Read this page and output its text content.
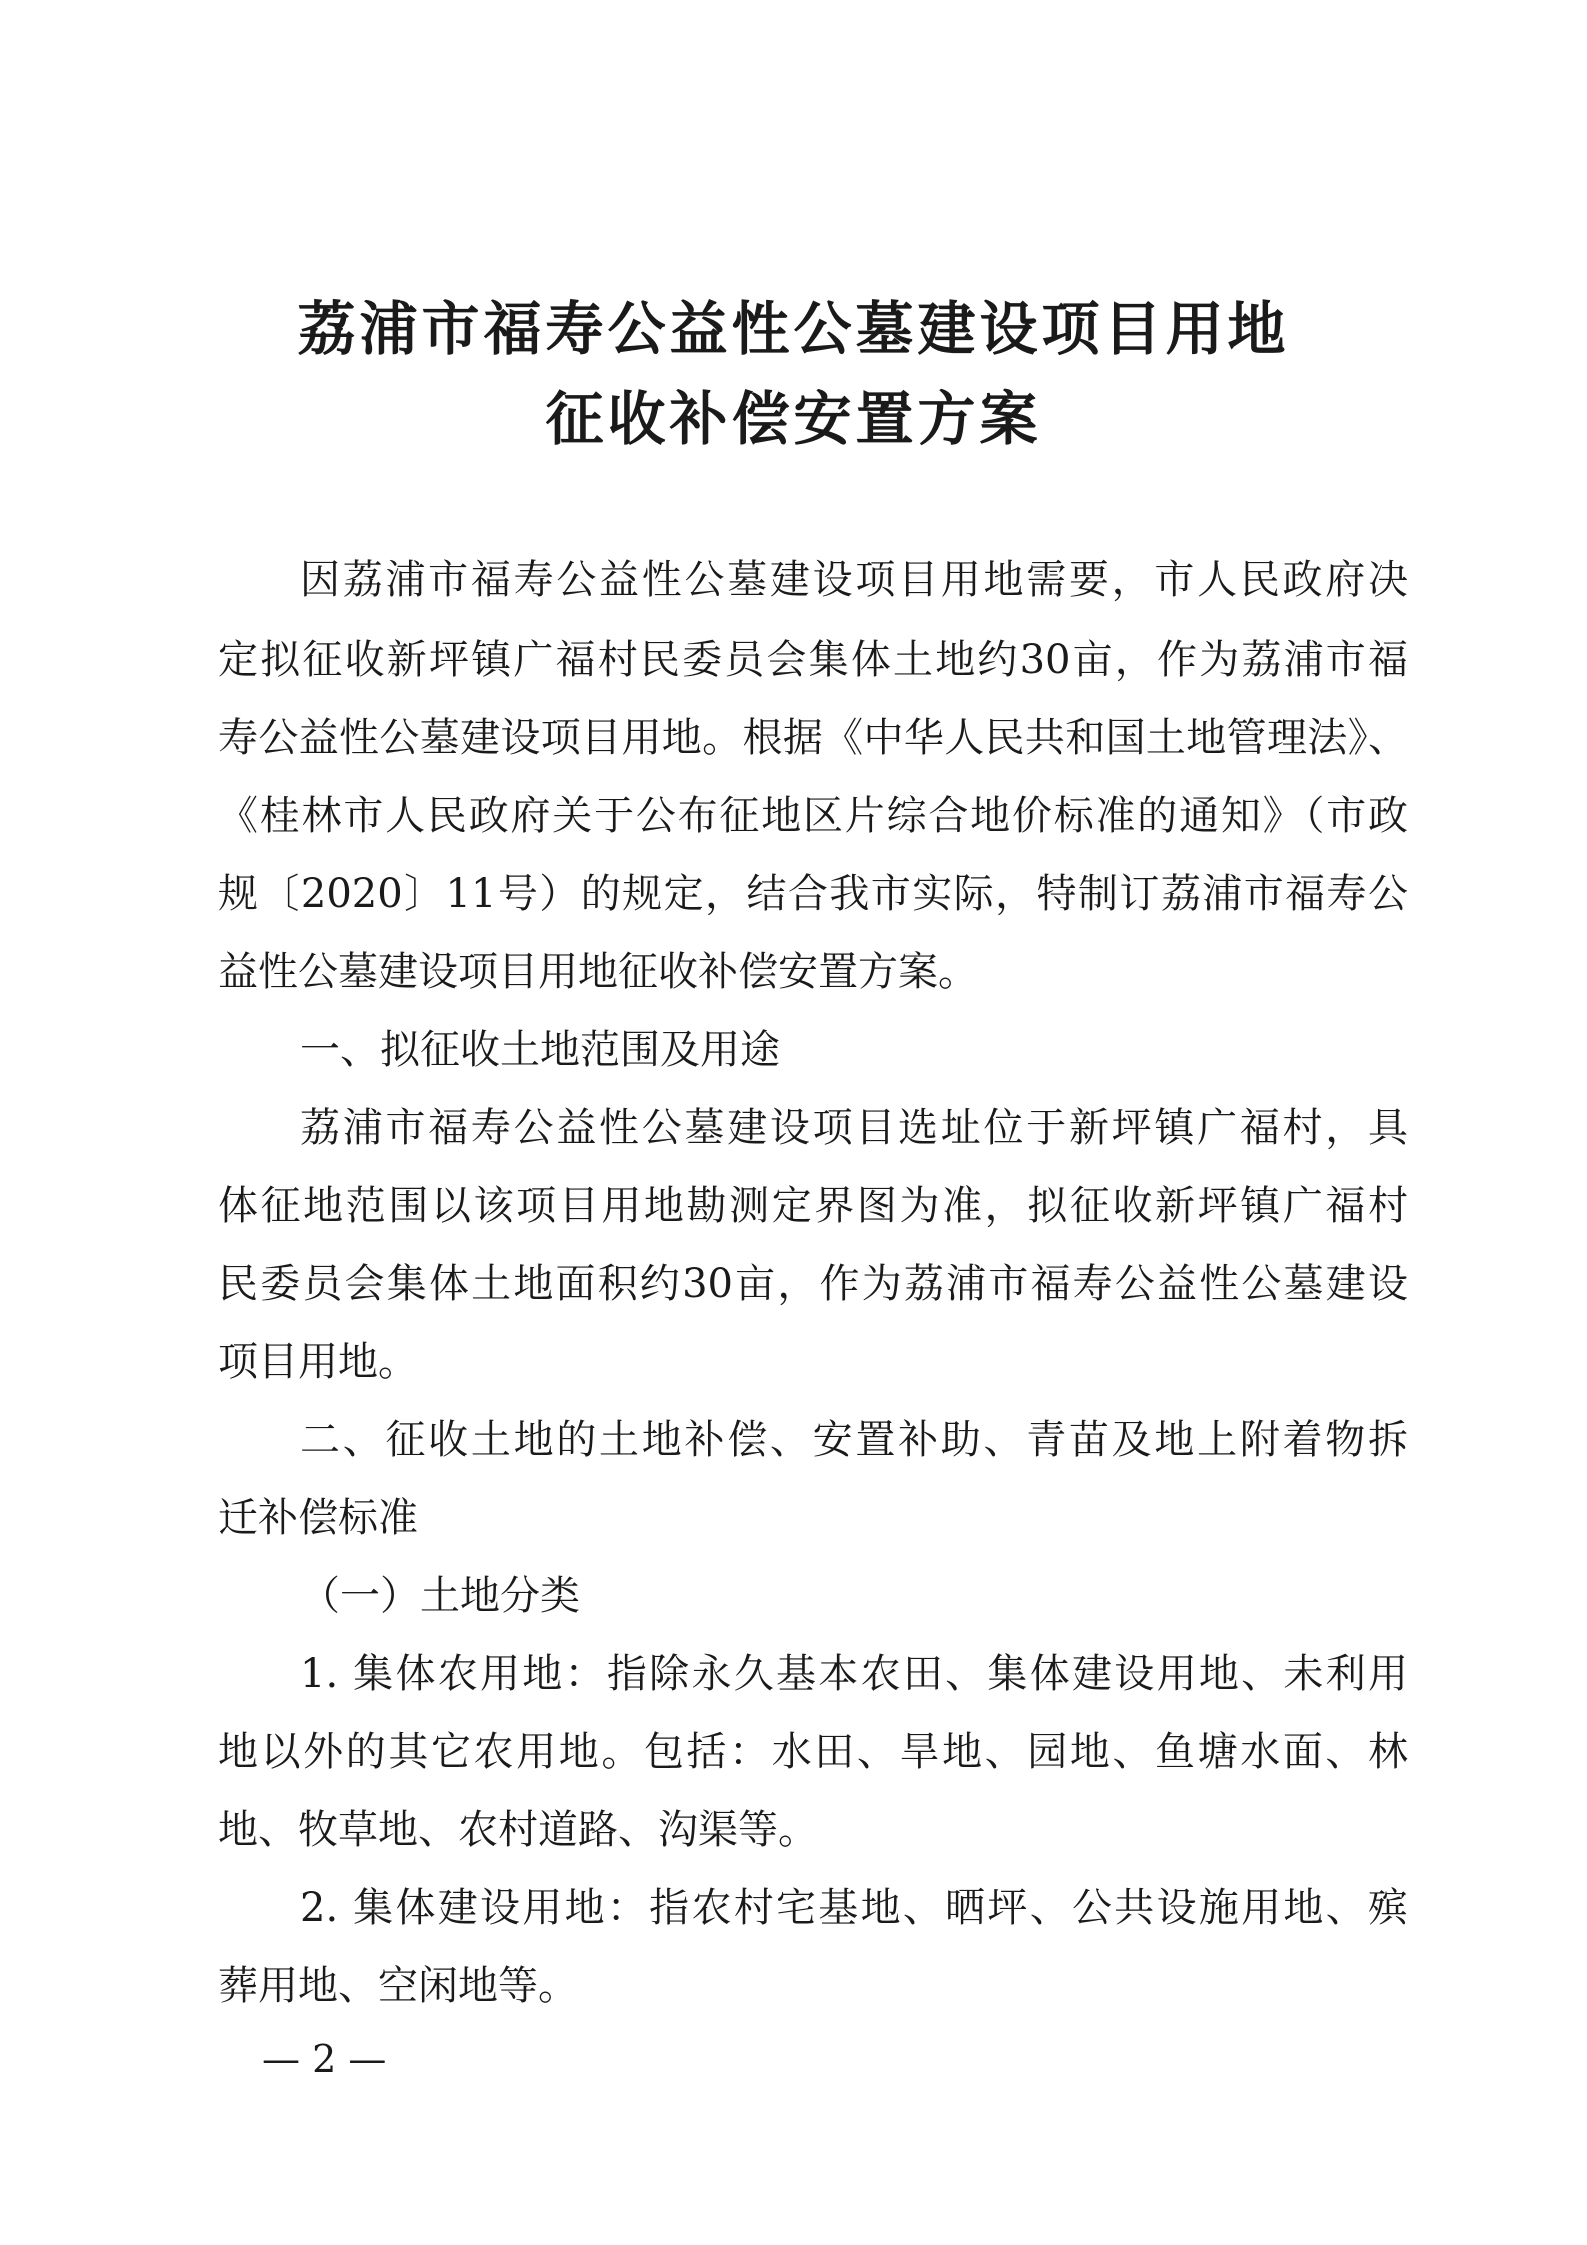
荔浦市福寿公益性公墓建设项目用地
征收补偿安置方案
因荔浦市福寿公益性公墓建设项目用地需要，市人民政府决
定拟征收新坪镇广福村民委员会集体土地约30亩，作为荔浦市福
寿公益性公墓建设项目用地。根据《中华人民共和国土地管理法》、
《桂林市人民政府关于公布征地区片综合地价标准的通知》（市政
规〔2020〕11号）的规定，结合我市实际，特制订荔浦市福寿公
益性公墓建设项目用地征收补偿安置方案。
一、拟征收土地范围及用途
荔浦市福寿公益性公墓建设项目选址位于新坪镇广福村，具
体征地范围以该项目用地勘测定界图为准，拟征收新坪镇广福村
民委员会集体土地面积约30亩，作为荔浦市福寿公益性公墓建设
项目用地。
二、征收土地的土地补偿、安置补助、青苗及地上附着物拆
迁补偿标准
（一）土地分类
1. 集体农用地：指除永久基本农田、集体建设用地、未利用
地以外的其它农用地。包括：水田、旱地、园地、鱼塘水面、林
地、牧草地、农村道路、沟渠等。
2. 集体建设用地：指农村宅基地、晒坪、公共设施用地、殡
葬用地、空闲地等。
— 2 —
